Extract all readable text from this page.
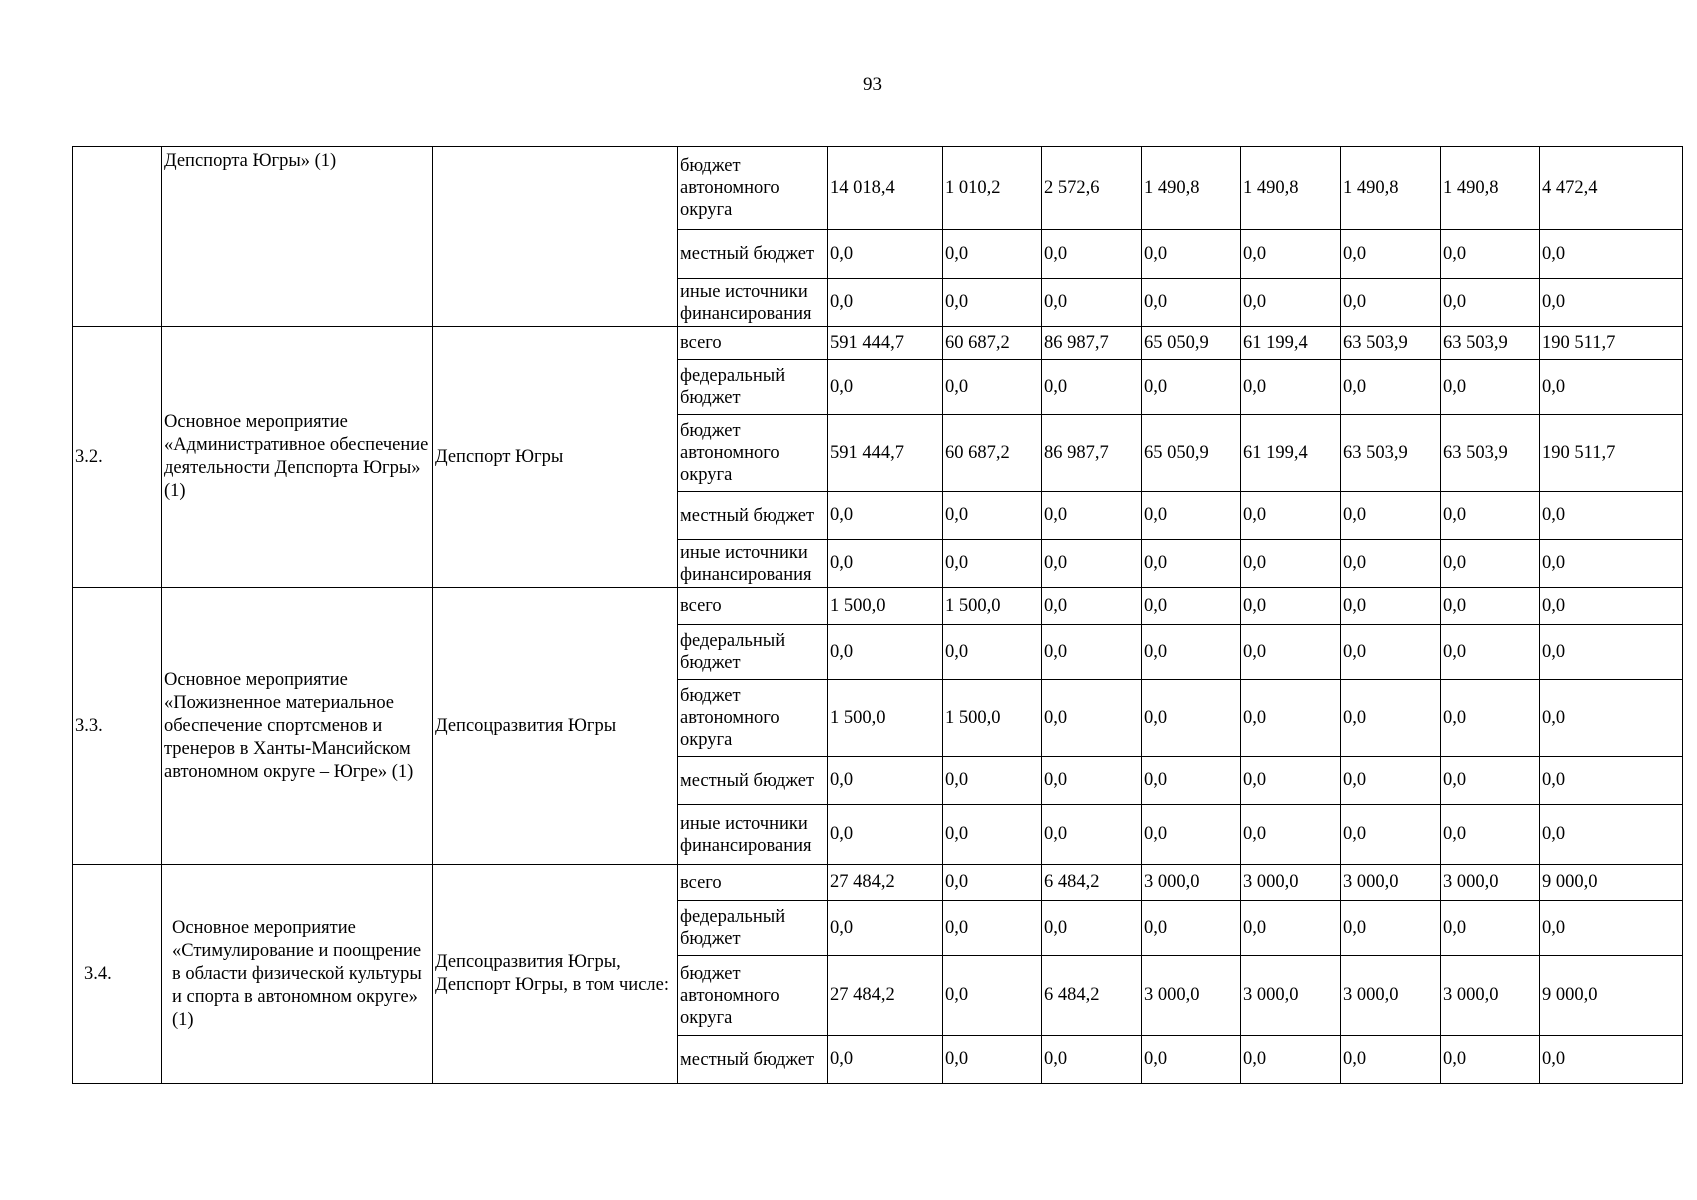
93
	Депспорта Югры» (1)		бюджет автономного округа	14 018,4	1 010,2	2 572,6	1 490,8	1 490,8	1 490,8	1 490,8	4 472,4
			местный бюджет	0,0	0,0	0,0	0,0	0,0	0,0	0,0	0,0
			иные источники финансирования	0,0	0,0	0,0	0,0	0,0	0,0	0,0	0,0
3.2.	Основное мероприятие «Административное обеспечение деятельности Депспорта Югры» (1)	Депспорт Югры	всего	591 444,7	60 687,2	86 987,7	65 050,9	61 199,4	63 503,9	63 503,9	190 511,7
			федеральный бюджет	0,0	0,0	0,0	0,0	0,0	0,0	0,0	0,0
			бюджет автономного округа	591 444,7	60 687,2	86 987,7	65 050,9	61 199,4	63 503,9	63 503,9	190 511,7
			местный бюджет	0,0	0,0	0,0	0,0	0,0	0,0	0,0	0,0
			иные источники финансирования	0,0	0,0	0,0	0,0	0,0	0,0	0,0	0,0
3.3.	Основное мероприятие «Пожизненное материальное обеспечение спортсменов и тренеров в Ханты-Мансийском автономном округе – Югре» (1)	Депсоцразвития Югры	всего	1 500,0	1 500,0	0,0	0,0	0,0	0,0	0,0	0,0
			федеральный бюджет	0,0	0,0	0,0	0,0	0,0	0,0	0,0	0,0
			бюджет автономного округа	1 500,0	1 500,0	0,0	0,0	0,0	0,0	0,0	0,0
			местный бюджет	0,0	0,0	0,0	0,0	0,0	0,0	0,0	0,0
			иные источники финансирования	0,0	0,0	0,0	0,0	0,0	0,0	0,0	0,0
3.4.	Основное мероприятие «Стимулирование и поощрение в области физической культуры и спорта в автономном округе» (1)	Депсоцразвития Югры, Депспорт Югры, в том числе:	всего	27 484,2	0,0	6 484,2	3 000,0	3 000,0	3 000,0	3 000,0	9 000,0
			федеральный бюджет	0,0	0,0	0,0	0,0	0,0	0,0	0,0	0,0
			бюджет автономного округа	27 484,2	0,0	6 484,2	3 000,0	3 000,0	3 000,0	3 000,0	9 000,0
			местный бюджет	0,0	0,0	0,0	0,0	0,0	0,0	0,0	0,0
